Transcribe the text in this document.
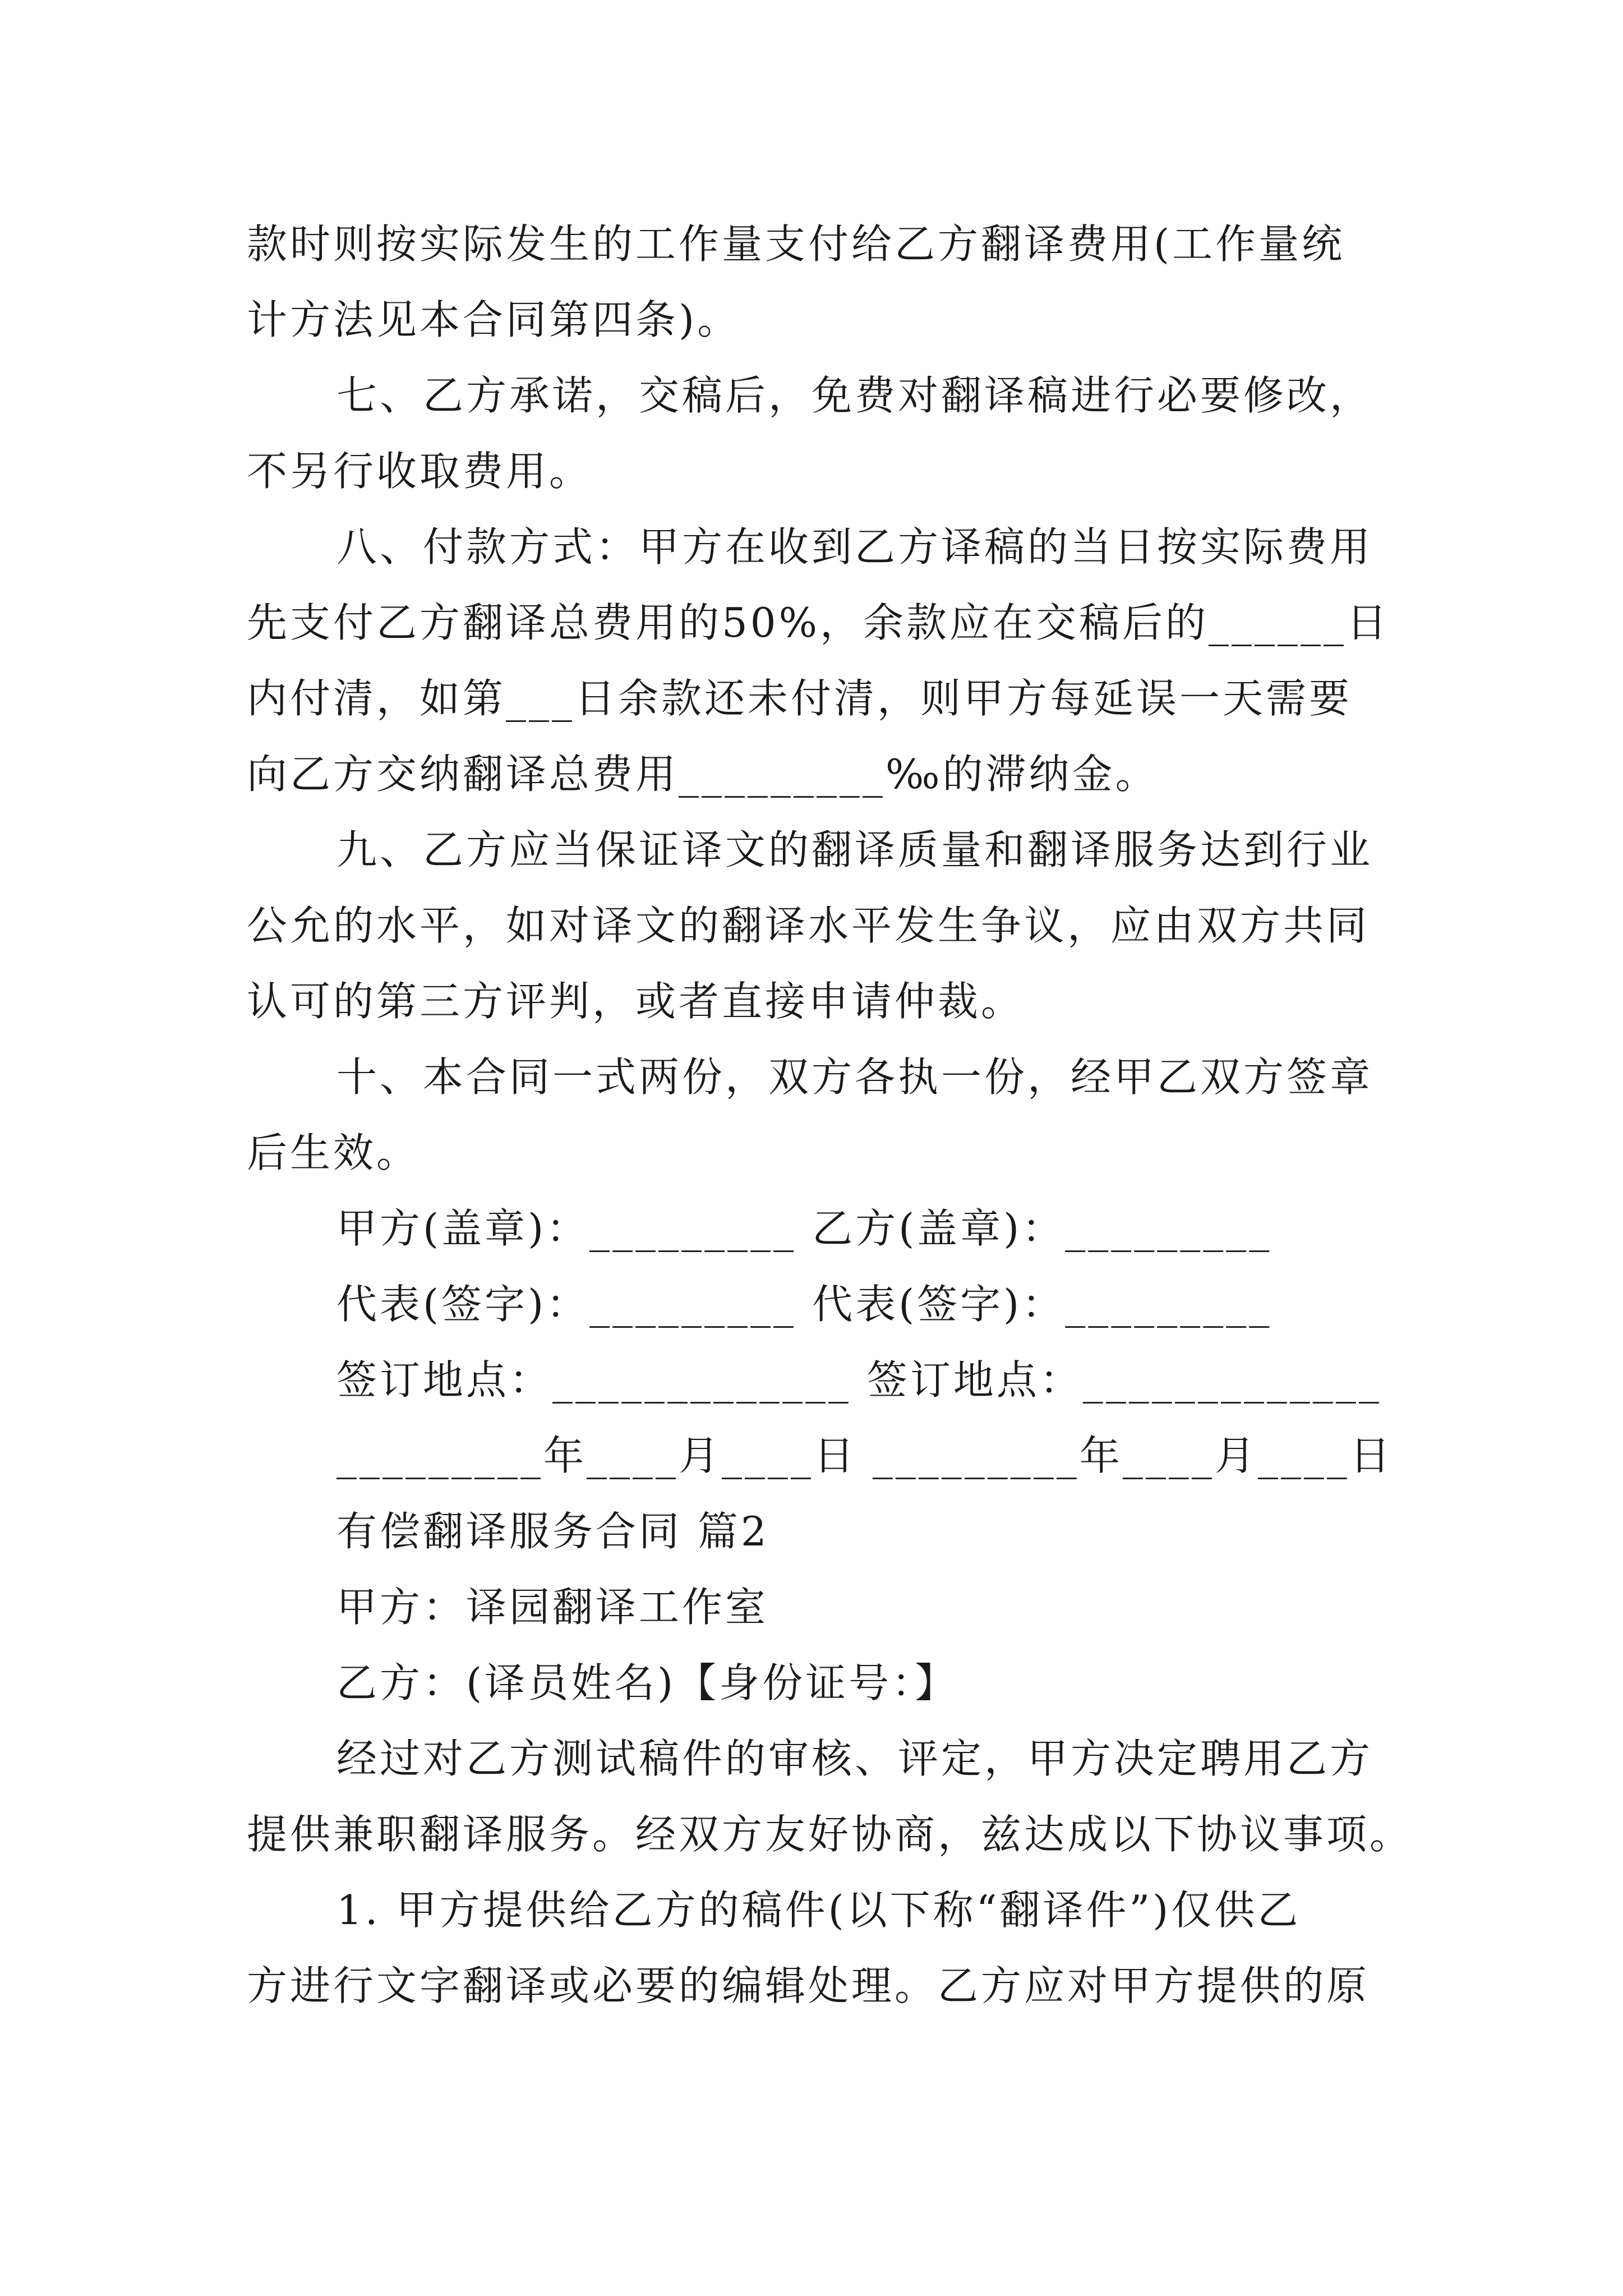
款时则按实际发生的工作量支付给乙方翻译费用(工作量统
计方法见本合同第四条)。
七、乙方承诺，交稿后，免费对翻译稿进行必要修改，
不另行收取费用。
八、付款方式：甲方在收到乙方译稿的当日按实际费用
先支付乙方翻译总费用的50%，余款应在交稿后的______日
内付清，如第___日余款还未付清，则甲方每延误一天需要
向乙方交纳翻译总费用_________‰的滞纳金。
九、乙方应当保证译文的翻译质量和翻译服务达到行业
公允的水平，如对译文的翻译水平发生争议，应由双方共同
认可的第三方评判，或者直接申请仲裁。
十、本合同一式两份，双方各执一份，经甲乙双方签章
后生效。
甲方(盖章)：_________ 乙方(盖章)：_________
代表(签字)：_________ 代表(签字)：_________
签订地点：_____________ 签订地点：_____________
_________年____月____日 _________年____月____日
有偿翻译服务合同 篇2
甲方：译园翻译工作室
乙方：(译员姓名)【身份证号：】
经过对乙方测试稿件的审核、评定，甲方决定聘用乙方
提供兼职翻译服务。经双方友好协商，兹达成以下协议事项。
1. 甲方提供给乙方的稿件(以下称“翻译件”)仅供乙
方进行文字翻译或必要的编辑处理。乙方应对甲方提供的原
